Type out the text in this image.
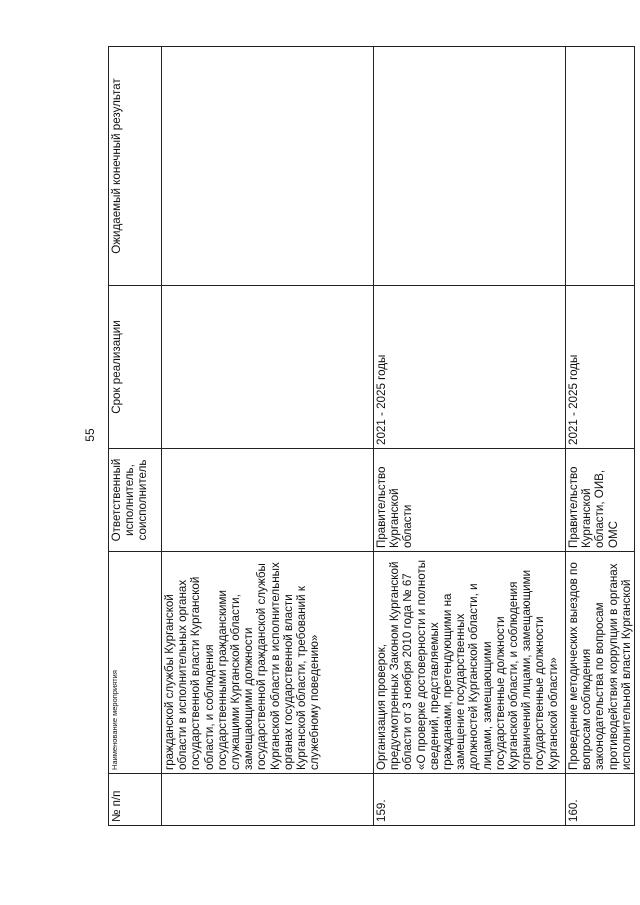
55
№ п/п	Наименование мероприятия	Ответственный исполнитель, соисполнитель	Срок реализации	Ожидаемый конечный результат
	гражданской службы Курганской области в исполнительных органах государственной власти Курганской области, и соблюдения государственными гражданскими служащими Курганской области, замещающими должности государственной гражданской службы Курганской области в исполнительных органах государственной власти Курганской области, требований к служебному поведению»			
159.	Организация проверок, предусмотренных Законом Курганской области от 3 ноября 2010 года № 67 «О проверке достоверности и полноты сведений, представляемых гражданами, претендующими на замещение государственных должностей Курганской области, и лицами, замещающими государственные должности Курганской области, и соблюдения ограничений лицами, замещающими государственные должности Курганской области»	Правительство Курганской области	2021 - 2025 годы	
160.	Проведение методических выездов по вопросам соблюдения законодательства по вопросам противодействия коррупции в органах исполнительной власти Курганской	Правительство Курганской области, ОИВ, ОМС	2021 - 2025 годы	
